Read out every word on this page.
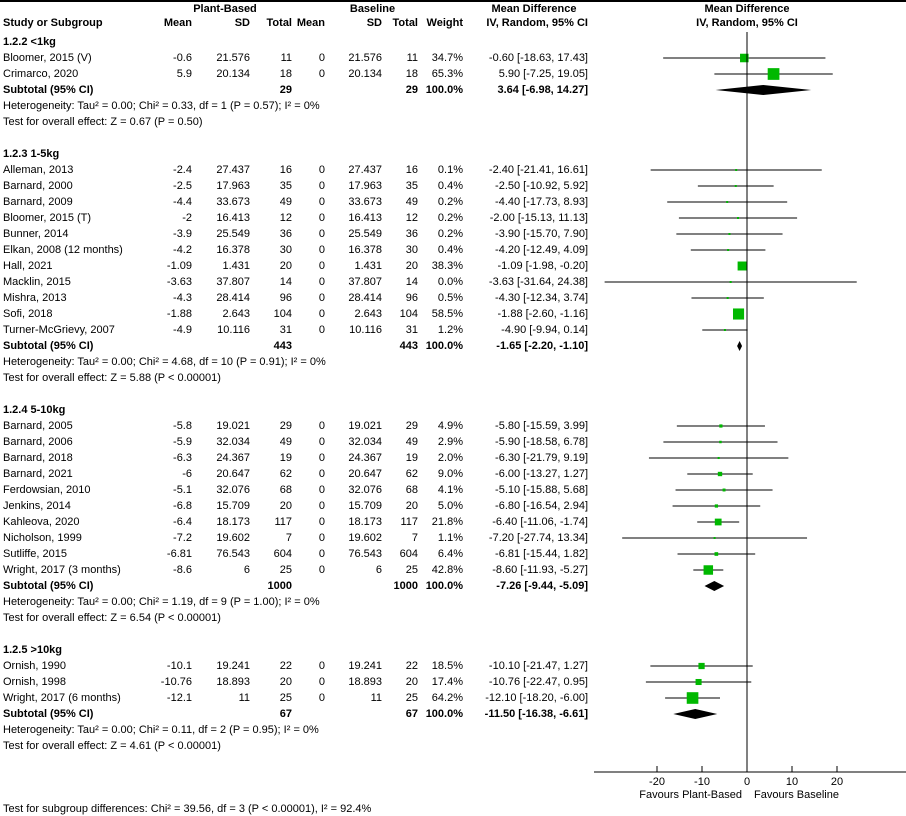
Plant-Based	Baseline	Mean Difference	Mean Difference
Study or Subgroup	Mean	SD Total Mean	SD Total Weight IV, Random, 95% CI	IV, Random, 95% CI
1.2.2 <1kg
Bloomer, 2015 (V)	-0.6 21.576	11 0 21.576 11 34.7% -0.60 [-18.63, 17.43]
Crimarco, 2020	5.9 20.134	18 0 20.134 18 65.3%	5.90 [-7.25, 19.05]
Subtotal (95% CI)	29	29 100.0%	3.64 [-6.98, 14.27]
Heterogeneity: Tau² = 0.00; Chi² = 0.33, df = 1 (P = 0.57); I² = 0%
Test for overall effect: Z = 0.67 (P = 0.50)
1.2.3 1-5kg
Alleman, 2013	-2.4 27.437	16 0 27.437 16 0.1% -2.40 [-21.41, 16.61]
Barnard, 2000	-2.5 17.963	35 0 17.963 35 0.4%	-2.50 [-10.92, 5.92]
Barnard, 2009	-4.4 33.673	49 0 33.673 49 0.2%	-4.40 [-17.73, 8.93]
Bloomer, 2015 (T)	-2 16.413	12 0 16.413 12 0.2% -2.00 [-15.13, 11.13]
Bunner, 2014	-3.9 25.549	36 0 25.549 36 0.2%	-3.90 [-15.70, 7.90]
Elkan, 2008 (12 months)	-4.2 16.378	30 0 16.378 30 0.4%	-4.20 [-12.49, 4.09]
Hall, 2021	-1.09	1.431	20 0	1.431 20 38.3%	-1.09 [-1.98, -0.20]
Macklin, 2015	-3.63 37.807	14 0 37.807 14 0.0% -3.63 [-31.64, 24.38]
Mishra, 2013	-4.3 28.414	96 0 28.414 96 0.5%	-4.30 [-12.34, 3.74]
Sofi, 2018	-1.88	2.643 104 0	2.643 104 58.5%	-1.88 [-2.60, -1.16]
Turner-McGrievy, 2007	-4.9 10.116	31 0 10.116 31 1.2%	-4.90 [-9.94, 0.14]
Subtotal (95% CI)	443	443 100.0%	-1.65 [-2.20, -1.10]
Heterogeneity: Tau² = 0.00; Chi² = 4.68, df = 10 (P = 0.91); I² = 0%
Test for overall effect: Z = 5.88 (P < 0.00001)
1.2.4 5-10kg
Barnard, 2005	-5.8 19.021	29 0 19.021 29 4.9%	-5.80 [-15.59, 3.99]
Barnard, 2006	-5.9 32.034	49 0 32.034 49 2.9%	-5.90 [-18.58, 6.78]
Barnard, 2018	-6.3 24.367	19 0 24.367 19 2.0%	-6.30 [-21.79, 9.19]
Barnard, 2021	-6 20.647	62 0 20.647 62 9.0%	-6.00 [-13.27, 1.27]
Ferdowsian, 2010	-5.1 32.076	68 0 32.076 68 4.1%	-5.10 [-15.88, 5.68]
Jenkins, 2014	-6.8 15.709	20 0 15.709 20 5.0%	-6.80 [-16.54, 2.94]
Kahleova, 2020	-6.4 18.173 117 0 18.173 117 21.8%	-6.40 [-11.06, -1.74]
Nicholson, 1999	-7.2 19.602	7 0 19.602	7 1.1% -7.20 [-27.74, 13.34]
Sutliffe, 2015	-6.81 76.543 604 0 76.543 604 6.4%	-6.81 [-15.44, 1.82]
Wright, 2017 (3 months)	-8.6	6	25 0	6 25 42.8%	-8.60 [-11.93, -5.27]
Subtotal (95% CI)	1000	1000 100.0%	-7.26 [-9.44, -5.09]
Heterogeneity: Tau² = 0.00; Chi² = 1.19, df = 9 (P = 1.00); I² = 0%
Test for overall effect: Z = 6.54 (P < 0.00001)
1.2.5 >10kg
Ornish, 1990	-10.1 19.241	22 0 19.241 22 18.5% -10.10 [-21.47, 1.27]
Ornish, 1998	-10.76 18.893	20 0 18.893 20 17.4% -10.76 [-22.47, 0.95]
Wright, 2017 (6 months)	-12.1	11	25 0	11 25 64.2% -12.10 [-18.20, -6.00]
Subtotal (95% CI)	67	67 100.0% -11.50 [-16.38, -6.61]
Heterogeneity: Tau² = 0.00; Chi² = 0.11, df = 2 (P = 0.95); I² = 0%
Test for overall effect: Z = 4.61 (P < 0.00001)
-20	-10	0	10	20
Favours Plant-Based Favours Baseline
Test for subgroup differences: Chi² = 39.56, df = 3 (P < 0.00001), I² = 92.4%
